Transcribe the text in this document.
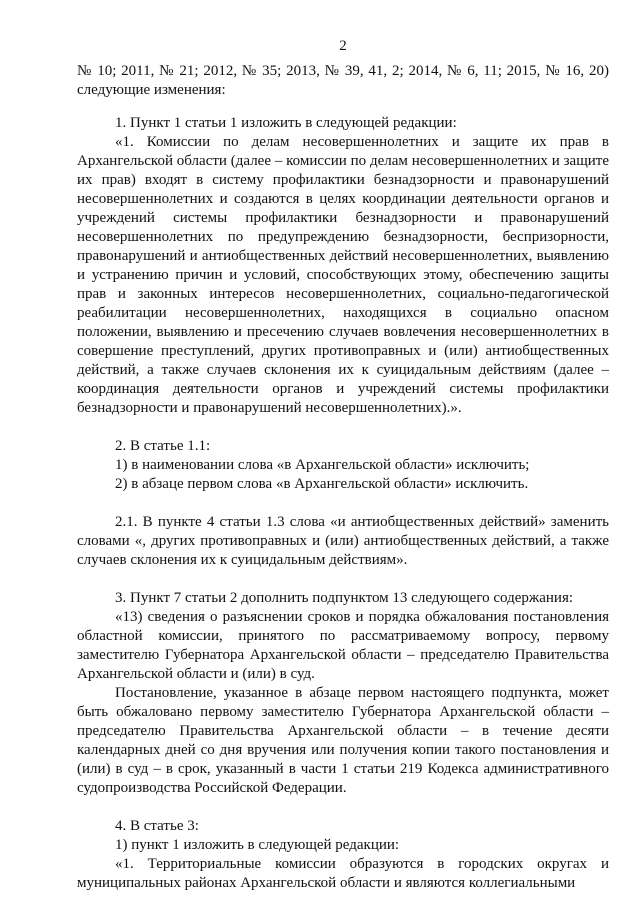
2

№ 10; 2011, № 21; 2012, № 35; 2013, № 39, 41, 2; 2014, № 6, 11; 2015, № 16, 20) следующие изменения:

1. Пункт 1 статьи 1 изложить в следующей редакции:

«1. Комиссии по делам несовершеннолетних и защите их прав в Архангельской области (далее – комиссии по делам несовершеннолетних и защите их прав) входят в систему профилактики безнадзорности и правонарушений несовершеннолетних и создаются в целях координации деятельности органов и учреждений системы профилактики безнадзорности и правонарушений несовершеннолетних по предупреждению безнадзорности, беспризорности, правонарушений и антиобщественных действий несовершеннолетних, выявлению и устранению причин и условий, способствующих этому, обеспечению защиты прав и законных интересов несовершеннолетних, социально-педагогической реабилитации несовершеннолетних, находящихся в социально опасном положении, выявлению и пресечению случаев вовлечения несовершеннолетних в совершение преступлений, других противоправных и (или) антиобщественных действий, а также случаев склонения их к суицидальным действиям (далее – координация деятельности органов и учреждений системы профилактики безнадзорности и правонарушений несовершеннолетних).».

2. В статье 1.1:

1) в наименовании слова «в Архангельской области» исключить;

2) в абзаце первом слова «в Архангельской области» исключить.

2.1. В пункте 4 статьи 1.3 слова «и антиобщественных действий» заменить словами «, других противоправных и (или) антиобщественных действий, а также случаев склонения их к суицидальным действиям».

3. Пункт 7 статьи 2 дополнить подпунктом 13 следующего содержания:

«13) сведения о разъяснении сроков и порядка обжалования постановления областной комиссии, принятого по рассматриваемому вопросу, первому заместителю Губернатора Архангельской области – председателю Правительства Архангельской области и (или) в суд.

Постановление, указанное в абзаце первом настоящего подпункта, может быть обжаловано первому заместителю Губернатора Архангельской области – председателю Правительства Архангельской области – в течение десяти календарных дней со дня вручения или получения копии такого постановления и (или) в суд – в срок, указанный в части 1 статьи 219 Кодекса административного судопроизводства Российской Федерации.

4. В статье 3:

1) пункт 1 изложить в следующей редакции:

«1. Территориальные комиссии образуются в городских округах и муниципальных районах Архангельской области и являются коллегиальными
